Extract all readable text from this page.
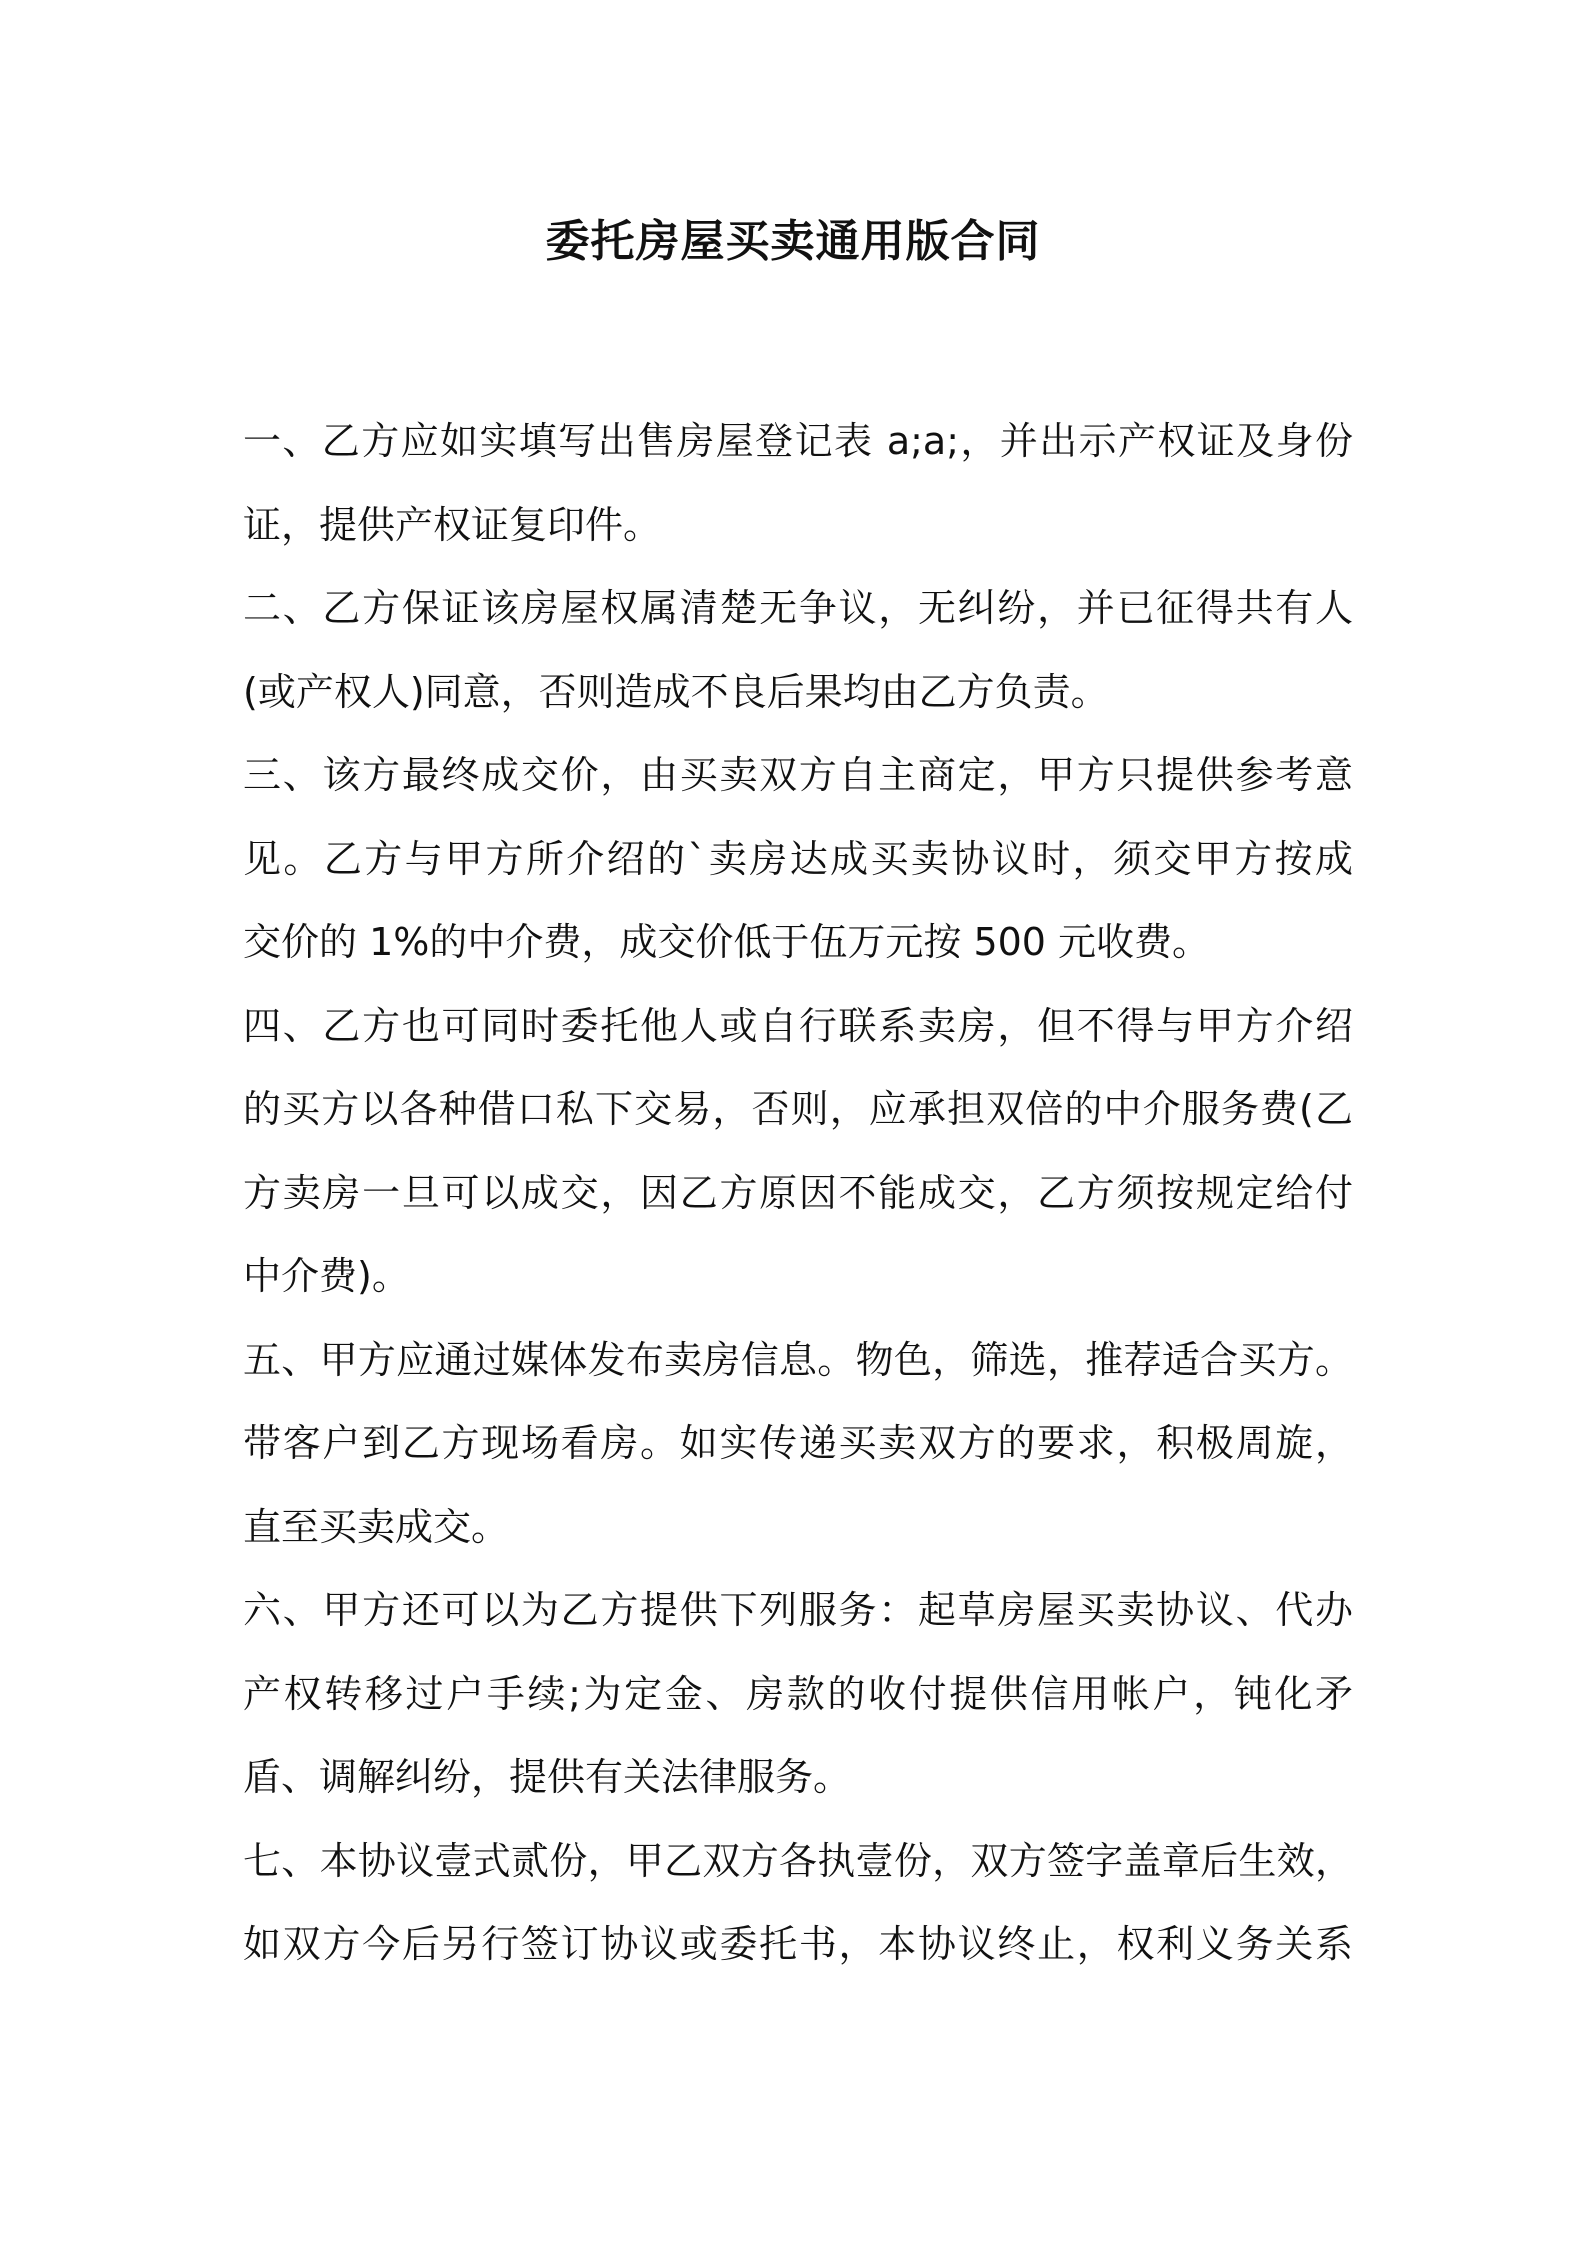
委托房屋买卖通用版合同
一、乙方应如实填写出售房屋登记表 a;a;，并出示产权证及身份
证，提供产权证复印件。
二、乙方保证该房屋权属清楚无争议，无纠纷，并已征得共有人
(或产权人)同意，否则造成不良后果均由乙方负责。
三、该方最终成交价，由买卖双方自主商定，甲方只提供参考意
见。乙方与甲方所介绍的`卖房达成买卖协议时，须交甲方按成
交价的 1%的中介费，成交价低于伍万元按 500 元收费。
四、乙方也可同时委托他人或自行联系卖房，但不得与甲方介绍
的买方以各种借口私下交易，否则，应承担双倍的中介服务费(乙
方卖房一旦可以成交，因乙方原因不能成交，乙方须按规定给付
中介费)。
五、甲方应通过媒体发布卖房信息。物色，筛选，推荐适合买方。
带客户到乙方现场看房。如实传递买卖双方的要求，积极周旋，
直至买卖成交。
六、甲方还可以为乙方提供下列服务：起草房屋买卖协议、代办
产权转移过户手续;为定金、房款的收付提供信用帐户，钝化矛
盾、调解纠纷，提供有关法律服务。
七、本协议壹式贰份，甲乙双方各执壹份，双方签字盖章后生效，
如双方今后另行签订协议或委托书，本协议终止，权利义务关系
